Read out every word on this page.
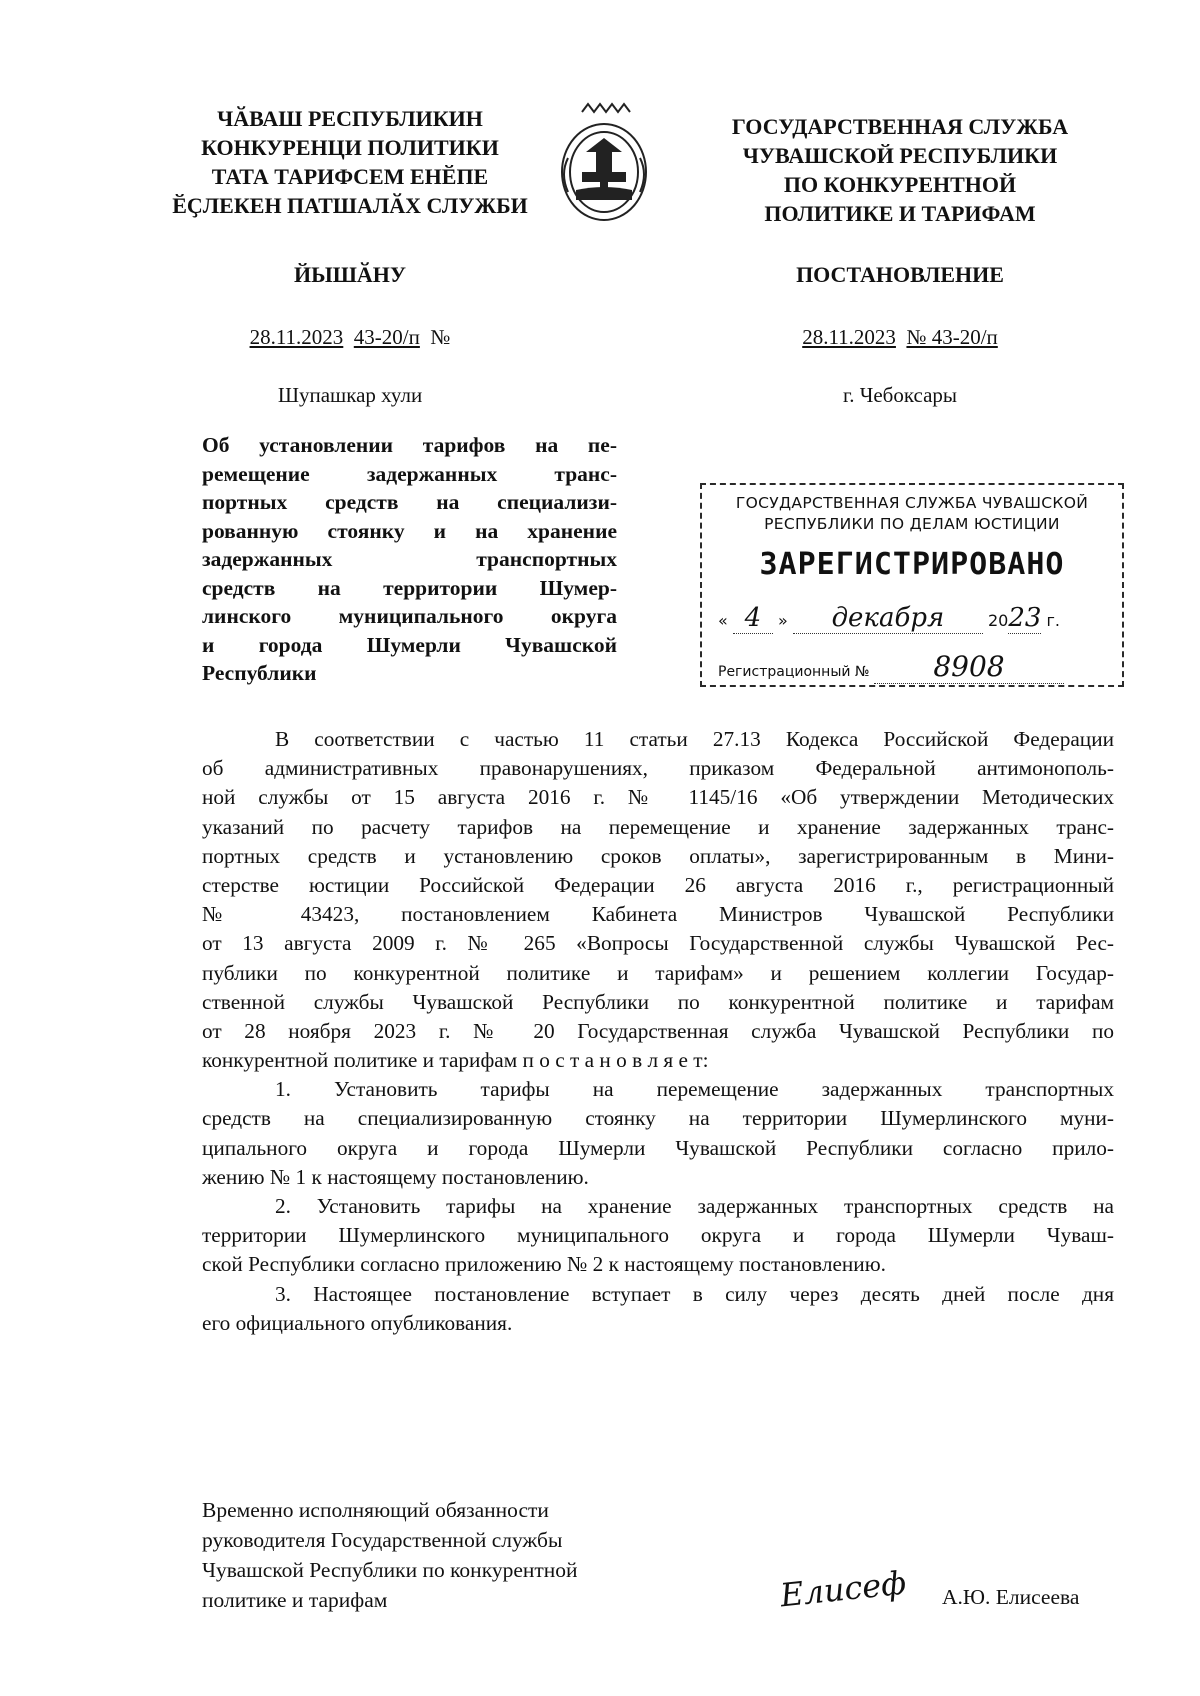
ЧӐВАШ РЕСПУБЛИКИН
КОНКУРЕНЦИ ПОЛИТИКИ
ТАТА ТАРИФСЕМ ЕНӖПЕ
ӖҪЛЕКЕН ПАТШАЛӐХ СЛУЖБИ
ГОСУДАРСТВЕННАЯ СЛУЖБА
ЧУВАШСКОЙ РЕСПУБЛИКИ
ПО КОНКУРЕНТНОЙ
ПОЛИТИКЕ И ТАРИФАМ
ЙЫШӐНУ	ПОСТАНОВЛЕНИЕ
28.11.2023 43-20/п №	28.11.2023 № 43-20/п
Шупашкар хули	г. Чебоксары
Об установлении тарифов на пе-
ремещение задержанных транс-
портных средств на специализи-
рованную стоянку и на хранение
задержанных транспортных
средств на территории Шумер-
линского муниципального округа
и города Шумерли Чувашской
Республики
ГОСУДАРСТВЕННАЯ СЛУЖБА ЧУВАШСКОЙ
РЕСПУБЛИКИ ПО ДЕЛАМ ЮСТИЦИИ
ЗАРЕГИСТРИРОВАНО
« 4 » декабря	2023 г.
Регистрационный № 8908
В соответствии с частью 11 статьи 27.13 Кодекса Российской Федерации
об административных правонарушениях, приказом Федеральной антимонополь-
ной службы от 15 августа 2016 г. № 1145/16 «Об утверждении Методических
указаний по расчету тарифов на перемещение и хранение задержанных транс-
портных средств и установлению сроков оплаты», зарегистрированным в Мини-
стерстве юстиции Российской Федерации 26 августа 2016 г., регистрационный
№ 43423, постановлением Кабинета Министров Чувашской Республики
от 13 августа 2009 г. № 265 «Вопросы Государственной службы Чувашской Рес-
публики по конкурентной политике и тарифам» и решением коллегии Государ-
ственной службы Чувашской Республики по конкурентной политике и тарифам
от 28 ноября 2023 г. № 20 Государственная служба Чувашской Республики по
конкурентной политике и тарифам п о с т а н о в л я е т:
1. Установить тарифы на перемещение задержанных транспортных
средств на специализированную стоянку на территории Шумерлинского муни-
ципального округа и города Шумерли Чувашской Республики согласно прило-
жению № 1 к настоящему постановлению.
2. Установить тарифы на хранение задержанных транспортных средств на
территории Шумерлинского муниципального округа и города Шумерли Чуваш-
ской Республики согласно приложению № 2 к настоящему постановлению.
3. Настоящее постановление вступает в силу через десять дней после дня
его официального опубликования.
Временно исполняющий обязанности
руководителя Государственной службы
Чувашской Республики по конкурентной
политике и тарифам	Елисеф А.Ю. Елисеева
